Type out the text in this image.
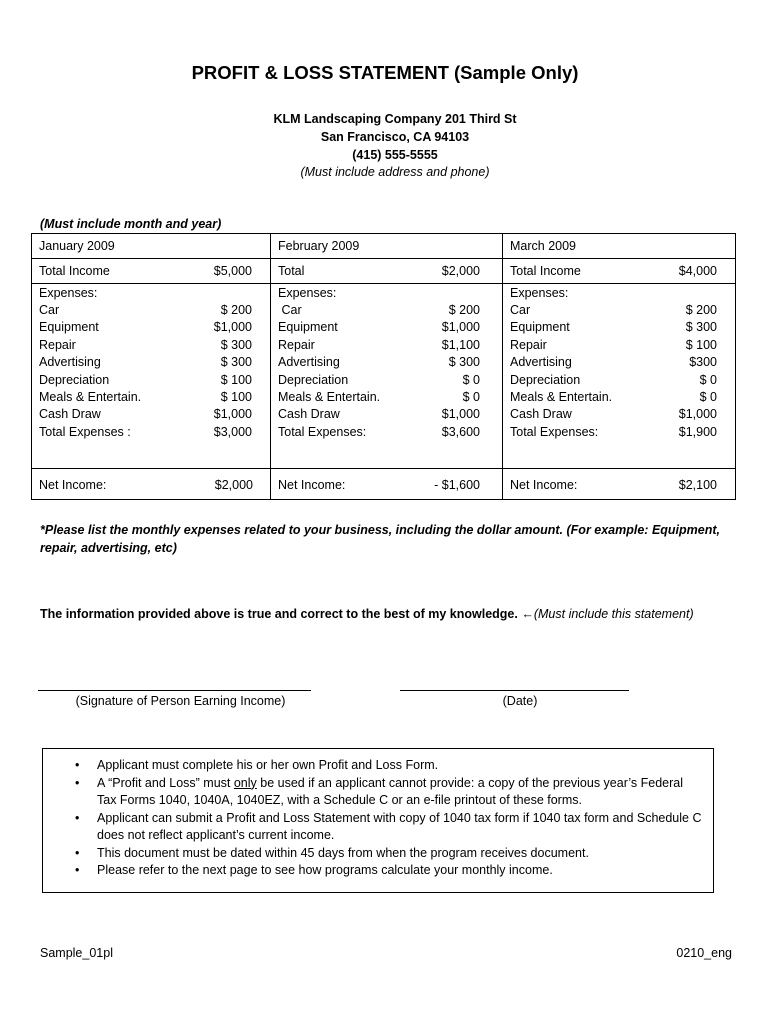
PROFIT & LOSS STATEMENT (Sample Only)
KLM Landscaping Company 201 Third St
San Francisco, CA 94103
(415) 555-5555
(Must include address and phone)
(Must include month and year)
January 2009
Total Income	$5,000
Expenses:
Car	$ 200
Equipment	$1,000
Repair	$ 300
Advertising	$ 300
Depreciation	$ 100
Meals & Entertain.	$ 100
Cash Draw	$1,000
Total Expenses :	$3,000
Net Income:	$2,000
February 2009
Total	$2,000
Expenses:
Car	$ 200
Equipment	$1,000
Repair	$1,100
Advertising	$ 300
Depreciation	$ 0
Meals & Entertain.	$ 0
Cash Draw	$1,000
Total Expenses:	$3,600
Net Income:	- $1,600
March 2009
Total Income	$4,000
Expenses:
Car	$ 200
Equipment	$ 300
Repair	$ 100
Advertising	$300
Depreciation	$ 0
Meals & Entertain.	$ 0
Cash Draw	$1,000
Total Expenses:	$1,900
Net Income:	$2,100
*Please list the monthly expenses related to your business, including the dollar amount. (For example: Equipment, repair, advertising, etc)
The information provided above is true and correct to the best of my knowledge. ←(Must include this statement)
(Signature of Person Earning Income)	(Date)
• Applicant must complete his or her own Profit and Loss Form.
• A “Profit and Loss” must only be used if an applicant cannot provide: a copy of the previous year’s Federal Tax Forms 1040, 1040A, 1040EZ, with a Schedule C or an e-file printout of these forms.
• Applicant can submit a Profit and Loss Statement with copy of 1040 tax form if 1040 tax form and Schedule C does not reflect applicant’s current income.
• This document must be dated within 45 days from when the program receives document.
• Please refer to the next page to see how programs calculate your monthly income.
Sample_01pl	0210_eng
